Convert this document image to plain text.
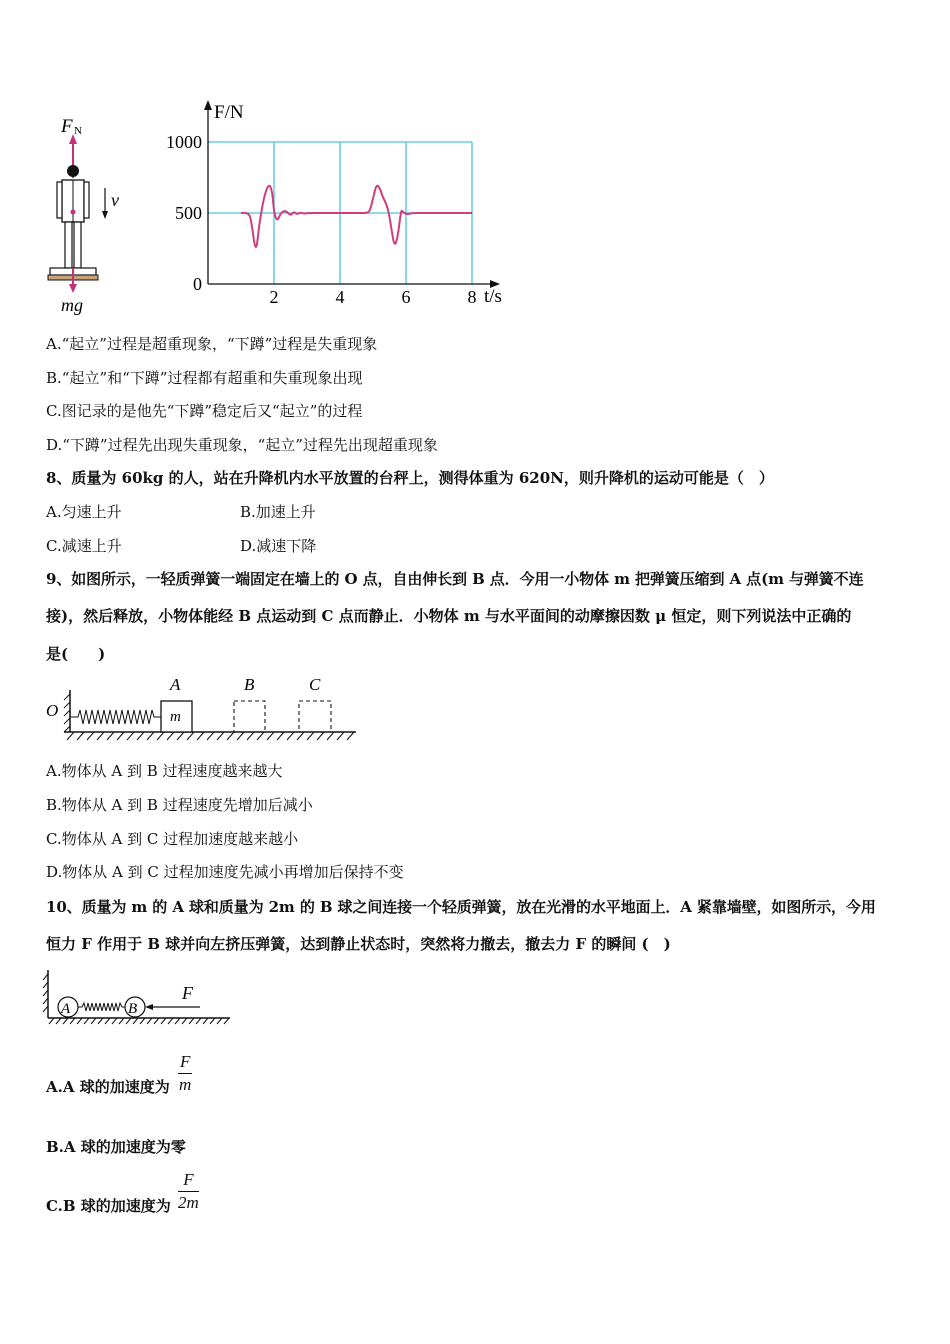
F N
mg
v
1000
500
0
2	4	6	8
F/N
t/s
A.“起立”过程是超重现象，“下蹲”过程是失重现象
B.“起立”和“下蹲”过程都有超重和失重现象出现
C.图记录的是他先“下蹲”稳定后又“起立”的过程
D.“下蹲”过程先出现失重现象，“起立”过程先出现超重现象
8、质量为 60kg 的人，站在升降机内水平放置的台秤上，测得体重为 620N，则升降机的运动可能是（　）
A.匀速上升	B.加速上升
C.减速上升	D.减速下降
9、如图所示，一轻质弹簧一端固定在墙上的 O 点，自由伸长到 B 点．今用一小物体 m 把弹簧压缩到 A 点(m 与弹簧不连
接)，然后释放，小物体能经 B 点运动到 C 点而静止．小物体 m 与水平面间的动摩擦因数 μ 恒定，则下列说法中正确的
是(　　)
O	m
A	B	C
A.物体从 A 到 B 过程速度越来越大
B.物体从 A 到 B 过程速度先增加后减小
C.物体从 A 到 C 过程加速度越来越小
D.物体从 A 到 C 过程加速度先减小再增加后保持不变
10、质量为 m 的 A 球和质量为 2m 的 B 球之间连接一个轻质弹簧，放在光滑的水平地面上．A 紧靠墙壁，如图所示，今用
恒力 F 作用于 B 球并向左挤压弹簧，达到静止状态时，突然将力撤去，撤去力 F 的瞬间 (　)
A	B
F
A.A 球的加速度为
F
m
B.A 球的加速度为零
C.B 球的加速度为
F
2m
